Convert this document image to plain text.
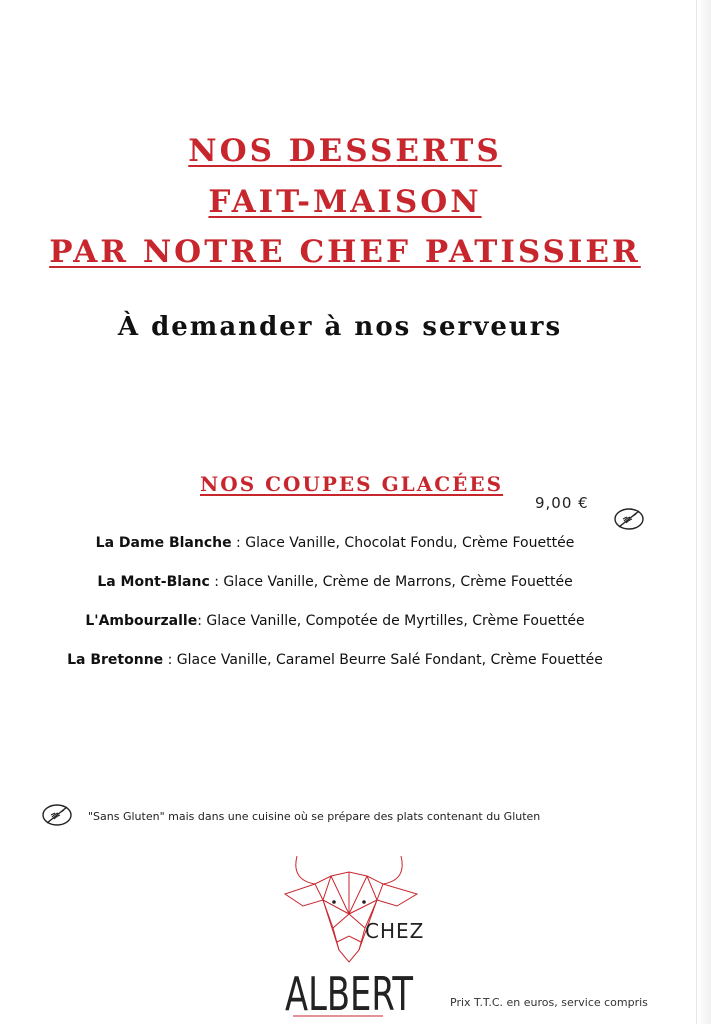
NOS DESSERTS
FAIT-MAISON
PAR NOTRE CHEF PATISSIER
À demander à nos serveurs
NOS COUPES GLACÉES
9,00 €
La Dame Blanche : Glace Vanille, Chocolat Fondu, Crème Fouettée
La Mont-Blanc : Glace Vanille, Crème de Marrons, Crème Fouettée
L'Ambourzalle: Glace Vanille, Compotée de Myrtilles, Crème Fouettée
La Bretonne : Glace Vanille, Caramel Beurre Salé Fondant, Crème Fouettée
"Sans Gluten" mais dans une cuisine où se prépare des plats contenant du Gluten
CHEZ
ALBERT	Prix T.T.C. en euros, service compris
